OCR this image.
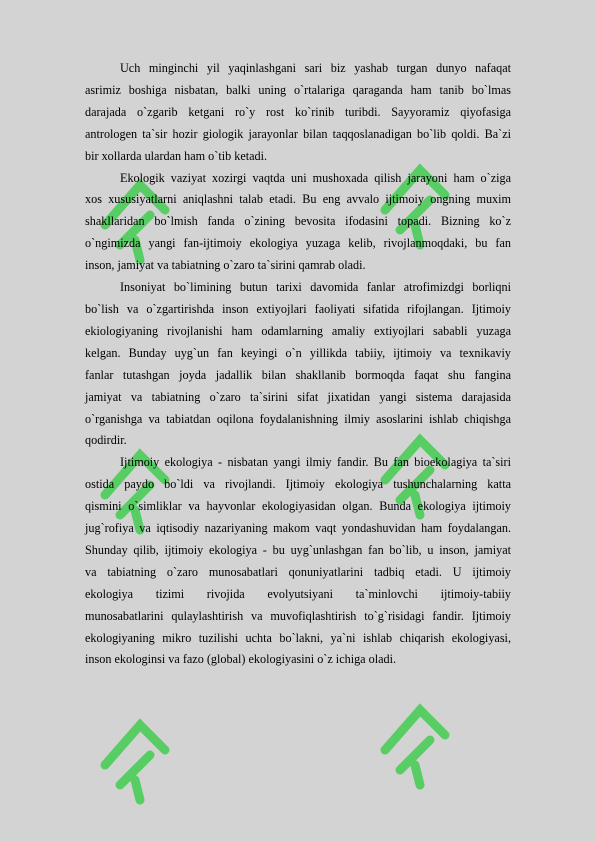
Uch minginchi yil yaqinlashgani sari biz yashab turgan dunyo nafaqat
asrimiz boshiga nisbatan, balki uning o`rtalariga qaraganda ham tanib bo`lmas
darajada o`zgarib ketgani ro`y rost ko`rinib turibdi. Sayyoramiz qiyofasiga
antrologen ta`sir hozir giologik jarayonlar bilan taqqoslanadigan bo`lib qoldi. Ba`zi
bir xollarda ulardan ham o`tib ketadi.
Ekologik vaziyat xozirgi vaqtda uni mushoxada qilish jarayoni ham o`ziga
xos xususiyatlarni aniqlashni talab etadi. Bu eng avvalo ijtimoiy ongning muxim
shakllaridan bo`lmish fanda o`zining bevosita ifodasini topadi. Bizning ko`z
o`ngimizda yangi fan-ijtimoiy ekologiya yuzaga kelib, rivojlanmoqdaki, bu fan
inson, jamiyat va tabiatning o`zaro ta`sirini qamrab oladi.
Insoniyat bo`limining butun tarixi davomida fanlar atrofimizdgi borliqni
bo`lish va o`zgartirishda inson extiyojlari faoliyati sifatida rifojlangan. Ijtimoiy
ekiologiyaning rivojlanishi ham odamlarning amaliy extiyojlari sababli yuzaga
kelgan. Bunday uyg`un fan keyingi o`n yillikda tabiiy, ijtimoiy va texnikaviy
fanlar tutashgan joyda jadallik bilan shakllanib bormoqda faqat shu fangina
jamiyat va tabiatning o`zaro ta`sirini sifat jixatidan yangi sistema darajasida
o`rganishga va tabiatdan oqilona foydalanishning ilmiy asoslarini ishlab chiqishga
qodirdir.
Ijtimoiy ekologiya - nisbatan yangi ilmiy fandir. Bu fan bioekolagiya ta`siri
ostida paydo bo`ldi va rivojlandi. Ijtimoiy ekologiya tushunchalarning katta
qismini o`simliklar va hayvonlar ekologiyasidan olgan. Bunda ekologiya ijtimoiy
jug`rofiya va iqtisodiy nazariyaning makom vaqt yondashuvidan ham foydalangan.
Shunday qilib, ijtimoiy ekologiya - bu uyg`unlashgan fan bo`lib, u inson, jamiyat
va tabiatning o`zaro munosabatlari qonuniyatlarini tadbiq etadi. U ijtimoiy
ekologiya tizimi rivojida evolyutsiyani ta`minlovchi ijtimoiy-tabiiy
munosabatlarini qulaylashtirish va muvofiqlashtirish to`g`risidagi fandir. Ijtimoiy
ekologiyaning mikro tuzilishi uchta bo`lakni, ya`ni ishlab chiqarish ekologiyasi,
inson ekologinsi va fazo (global) ekologiyasini o`z ichiga oladi.
